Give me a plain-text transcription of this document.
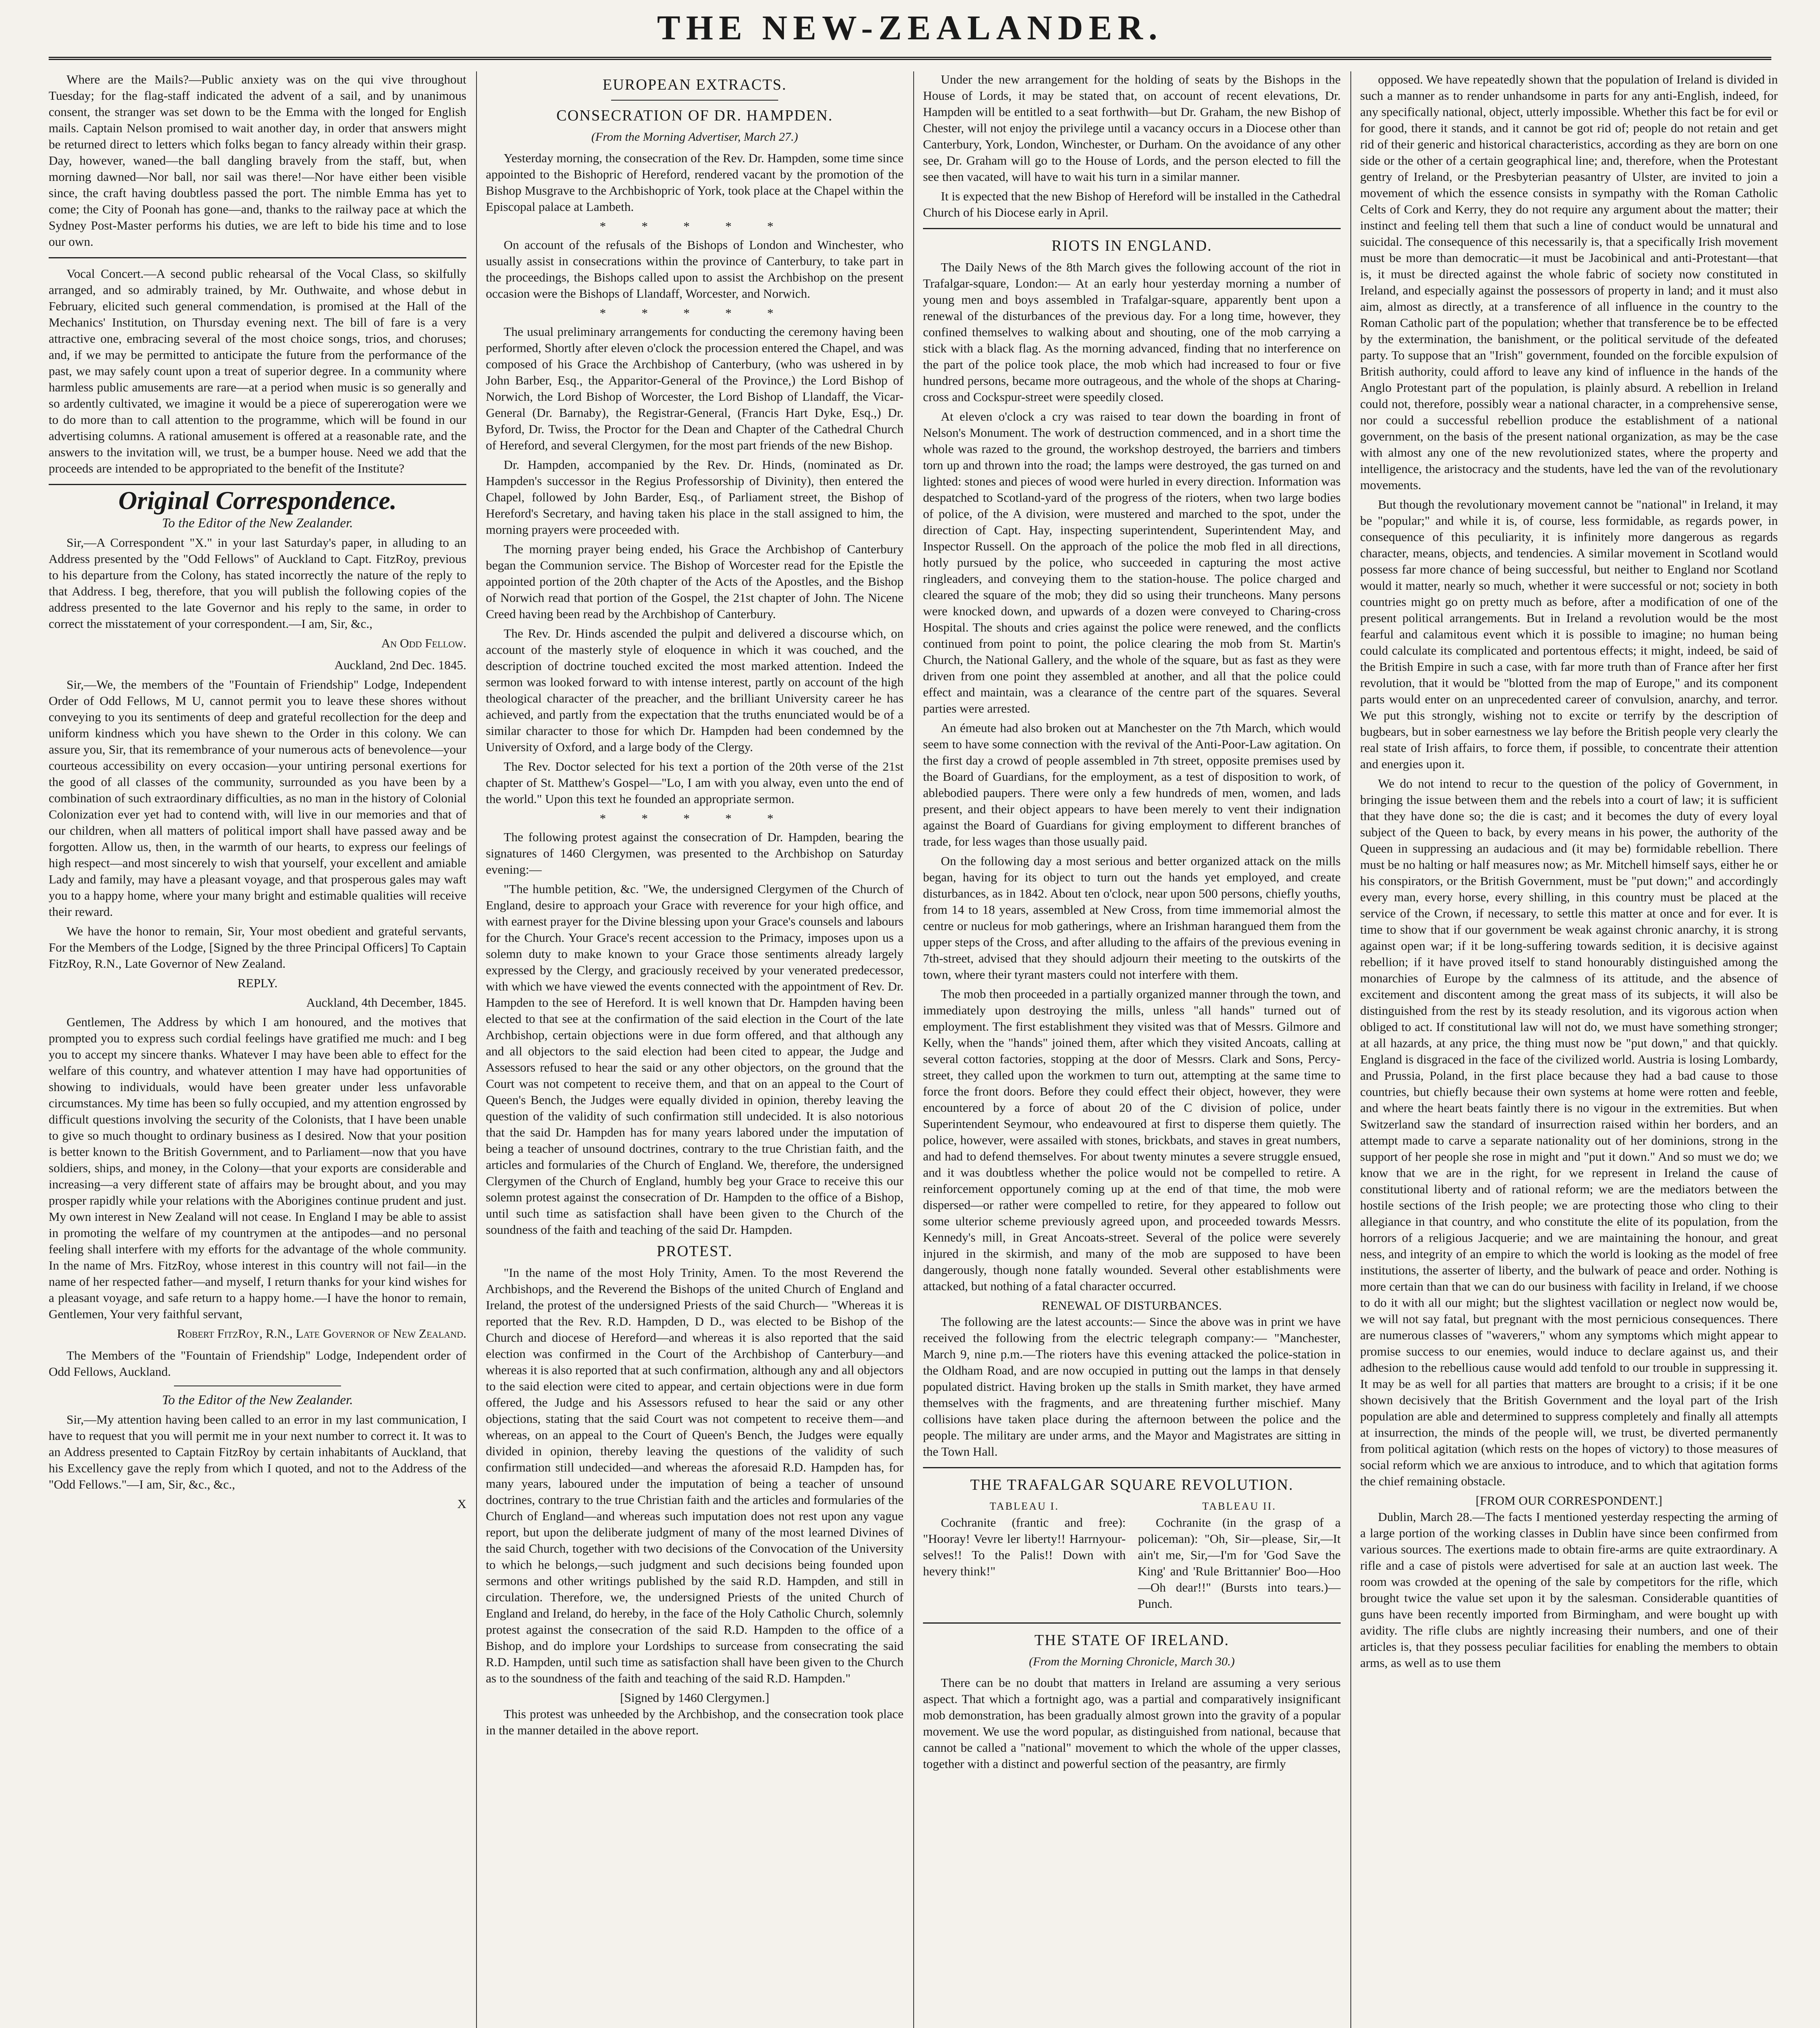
THE NEW-ZEALANDER.

Where are the Mails?—Public anxiety was on the qui vive throughout Tuesday; for the flag-staff indicated the advent of a sail, and by unanimous consent, the stranger was set down to be the Emma with the longed for English mails. Captain Nelson promised to wait another day, in order that answers might be returned direct to letters which folks began to fancy already within their grasp. Day, however, waned—the ball dangling bravely from the staff, but, when morning dawned—Nor ball, nor sail was there!—Nor have either been visible since, the craft having doubtless passed the port. The nimble Emma has yet to come; the City of Poonah has gone—and, thanks to the railway pace at which the Sydney Post-Master performs his duties, we are left to bide his time and to lose our own.

Vocal Concert.—A second public rehearsal of the Vocal Class, so skilfully arranged, and so admirably trained, by Mr. Outhwaite, and whose debut in February, elicited such general commendation, is promised at the Hall of the Mechanics' Institution, on Thursday evening next. The bill of fare is a very attractive one, embracing several of the most choice songs, trios, and choruses; and, if we may be permitted to anticipate the future from the performance of the past, we may safely count upon a treat of superior degree. In a community where harmless public amusements are rare—at a period when music is so generally and so ardently cultivated, we imagine it would be a piece of supererogation were we to do more than to call attention to the programme, which will be found in our advertising columns. A rational amusement is offered at a reasonable rate, and the answers to the invitation will, we trust, be a bumper house. Need we add that the proceeds are intended to be appropriated to the benefit of the Institute?

Original Correspondence.
To the Editor of the New Zealander.

Sir,—A Correspondent "X." in your last Saturday's paper, in alluding to an Address presented by the "Odd Fellows" of Auckland to Capt. FitzRoy, previous to his departure from the Colony, has stated incorrectly the nature of the reply to that Address. I beg, therefore, that you will publish the following copies of the address presented to the late Governor and his reply to the same, in order to correct the misstatement of your correspondent.—I am, Sir, &c.,

An Odd Fellow.
Auckland, 2nd Dec. 1845.

Sir,—We, the members of the "Fountain of Friendship" Lodge, Independent Order of Odd Fellows, M U, cannot permit you to leave these shores without conveying to you its sentiments of deep and grateful recollection for the deep and uniform kindness which you have shewn to the Order in this colony. We can assure you, Sir, that its remembrance of your numerous acts of benevolence—your courteous accessibility on every occasion—your untiring personal exertions for the good of all classes of the community, surrounded as you have been by a combination of such extraordinary difficulties, as no man in the history of Colonial Colonization ever yet had to contend with, will live in our memories and that of our children, when all matters of political import shall have passed away and be forgotten. Allow us, then, in the warmth of our hearts, to express our feelings of high respect—and most sincerely to wish that yourself, your excellent and amiable Lady and family, may have a pleasant voyage, and that prosperous gales may waft you to a happy home, where your many bright and estimable qualities will receive their reward.

We have the honor to remain, Sir, Your most obedient and grateful servants, For the Members of the Lodge, [Signed by the three Principal Officers] To Captain FitzRoy, R.N., Late Governor of New Zealand.

REPLY.
Auckland, 4th December, 1845.

Gentlemen, The Address by which I am honoured, and the motives that prompted you to express such cordial feelings have gratified me much: and I beg you to accept my sincere thanks. Whatever I may have been able to effect for the welfare of this country, and whatever attention I may have had opportunities of showing to individuals, would have been greater under less unfavorable circumstances. My time has been so fully occupied, and my attention engrossed by difficult questions involving the security of the Colonists, that I have been unable to give so much thought to ordinary business as I desired. Now that your position is better known to the British Government, and to Parliament—now that you have soldiers, ships, and money, in the Colony—that your exports are considerable and increasing—a very different state of affairs may be brought about, and you may prosper rapidly while your relations with the Aborigines continue prudent and just. My own interest in New Zealand will not cease. In England I may be able to assist in promoting the welfare of my countrymen at the antipodes—and no personal feeling shall interfere with my efforts for the advantage of the whole community. In the name of Mrs. FitzRoy, whose interest in this country will not fail—in the name of her respected father—and myself, I return thanks for your kind wishes for a pleasant voyage, and safe return to a happy home.—I have the honor to remain, Gentlemen, Your very faithful servant,

Robert FitzRoy, R.N., Late Governor of New Zealand.

The Members of the "Fountain of Friendship" Lodge, Independent order of Odd Fellows, Auckland.

To the Editor of the New Zealander.

Sir,—My attention having been called to an error in my last communication, I have to request that you will permit me in your next number to correct it. It was to an Address presented to Captain FitzRoy by certain inhabitants of Auckland, that his Excellency gave the reply from which I quoted, and not to the Address of the "Odd Fellows."—I am, Sir, &c., &c.,

X
EUROPEAN EXTRACTS.
CONSECRATION OF DR. HAMPDEN.
(From the Morning Advertiser, March 27.)

Yesterday morning, the consecration of the Rev. Dr. Hampden, some time since appointed to the Bishopric of Hereford, rendered vacant by the promotion of the Bishop Musgrave to the Archbishopric of York, took place at the Chapel within the Episcopal palace at Lambeth.

* * * * *

On account of the refusals of the Bishops of London and Winchester, who usually assist in consecrations within the province of Canterbury, to take part in the proceedings, the Bishops called upon to assist the Archbishop on the present occasion were the Bishops of Llandaff, Worcester, and Norwich.

* * * * *

The usual preliminary arrangements for conducting the ceremony having been performed, Shortly after eleven o'clock the procession entered the Chapel, and was composed of his Grace the Archbishop of Canterbury, (who was ushered in by John Barber, Esq., the Apparitor-General of the Province,) the Lord Bishop of Norwich, the Lord Bishop of Worcester, the Lord Bishop of Llandaff, the Vicar-General (Dr. Barnaby), the Registrar-General, (Francis Hart Dyke, Esq.,) Dr. Byford, Dr. Twiss, the Proctor for the Dean and Chapter of the Cathedral Church of Hereford, and several Clergymen, for the most part friends of the new Bishop.

Dr. Hampden, accompanied by the Rev. Dr. Hinds, (nominated as Dr. Hampden's successor in the Regius Professorship of Divinity), then entered the Chapel, followed by John Barder, Esq., of Parliament street, the Bishop of Hereford's Secretary, and having taken his place in the stall assigned to him, the morning prayers were proceeded with.

The morning prayer being ended, his Grace the Archbishop of Canterbury began the Communion service. The Bishop of Worcester read for the Epistle the appointed portion of the 20th chapter of the Acts of the Apostles, and the Bishop of Norwich read that portion of the Gospel, the 21st chapter of John. The Nicene Creed having been read by the Archbishop of Canterbury.

The Rev. Dr. Hinds ascended the pulpit and delivered a discourse which, on account of the masterly style of eloquence in which it was couched, and the description of doctrine touched excited the most marked attention. Indeed the sermon was looked forward to with intense interest, partly on account of the high theological character of the preacher, and the brilliant University career he has achieved, and partly from the expectation that the truths enunciated would be of a similar character to those for which Dr. Hampden had been condemned by the University of Oxford, and a large body of the Clergy.

The Rev. Doctor selected for his text a portion of the 20th verse of the 21st chapter of St. Matthew's Gospel—"Lo, I am with you alway, even unto the end of the world." Upon this text he founded an appropriate sermon.

* * * * *

The following protest against the consecration of Dr. Hampden, bearing the signatures of 1460 Clergymen, was presented to the Archbishop on Saturday evening:—

"The humble petition, &c. "We, the undersigned Clergymen of the Church of England, desire to approach your Grace with reverence for your high office, and with earnest prayer for the Divine blessing upon your Grace's counsels and labours for the Church. Your Grace's recent accession to the Primacy, imposes upon us a solemn duty to make known to your Grace those sentiments already largely expressed by the Clergy, and graciously received by your venerated predecessor, with which we have viewed the events connected with the appointment of Rev. Dr. Hampden to the see of Hereford. It is well known that Dr. Hampden having been elected to that see at the confirmation of the said election in the Court of the late Archbishop, certain objections were in due form offered, and that although any and all objectors to the said election had been cited to appear, the Judge and Assessors refused to hear the said or any other objectors, on the ground that the Court was not competent to receive them, and that on an appeal to the Court of Queen's Bench, the Judges were equally divided in opinion, thereby leaving the question of the validity of such confirmation still undecided. It is also notorious that the said Dr. Hampden has for many years labored under the imputation of being a teacher of unsound doctrines, contrary to the true Christian faith, and the articles and formularies of the Church of England. We, therefore, the undersigned Clergymen of the Church of England, humbly beg your Grace to receive this our solemn protest against the consecration of Dr. Hampden to the office of a Bishop, until such time as satisfaction shall have been given to the Church of the soundness of the faith and teaching of the said Dr. Hampden.

PROTEST.

"In the name of the most Holy Trinity, Amen. To the most Reverend the Archbishops, and the Reverend the Bishops of the united Church of England and Ireland, the protest of the undersigned Priests of the said Church— "Whereas it is reported that the Rev. R.D. Hampden, D D., was elected to be Bishop of the Church and diocese of Hereford—and whereas it is also reported that the said election was confirmed in the Court of the Archbishop of Canterbury—and whereas it is also reported that at such confirmation, although any and all objectors to the said election were cited to appear, and certain objections were in due form offered, the Judge and his Assessors refused to hear the said or any other objections, stating that the said Court was not competent to receive them—and whereas, on an appeal to the Court of Queen's Bench, the Judges were equally divided in opinion, thereby leaving the questions of the validity of such confirmation still undecided—and whereas the aforesaid R.D. Hampden has, for many years, laboured under the imputation of being a teacher of unsound doctrines, contrary to the true Christian faith and the articles and formularies of the Church of England—and whereas such imputation does not rest upon any vague report, but upon the deliberate judgment of many of the most learned Divines of the said Church, together with two decisions of the Convocation of the University to which he belongs,—such judgment and such decisions being founded upon sermons and other writings published by the said R.D. Hampden, and still in circulation. Therefore, we, the undersigned Priests of the united Church of England and Ireland, do hereby, in the face of the Holy Catholic Church, solemnly protest against the consecration of the said R.D. Hampden to the office of a Bishop, and do implore your Lordships to surcease from consecrating the said R.D. Hampden, until such time as satisfaction shall have been given to the Church as to the soundness of the faith and teaching of the said R.D. Hampden."

[Signed by 1460 Clergymen.]

This protest was unheeded by the Archbishop, and the consecration took place in the manner detailed in the above report.

Under the new arrangement for the holding of seats by the Bishops in the House of Lords, it may be stated that, on account of recent elevations, Dr. Hampden will be entitled to a seat forthwith—but Dr. Graham, the new Bishop of Chester, will not enjoy the privilege until a vacancy occurs in a Diocese other than Canterbury, York, London, Winchester, or Durham. On the avoidance of any other see, Dr. Graham will go to the House of Lords, and the person elected to fill the see then vacated, will have to wait his turn in a similar manner.

It is expected that the new Bishop of Hereford will be installed in the Cathedral Church of his Diocese early in April.

RIOTS IN ENGLAND.

The Daily News of the 8th March gives the following account of the riot in Trafalgar-square, London:— At an early hour yesterday morning a number of young men and boys assembled in Trafalgar-square, apparently bent upon a renewal of the disturbances of the previous day. For a long time, however, they confined themselves to walking about and shouting, one of the mob carrying a stick with a black flag. As the morning advanced, finding that no interference on the part of the police took place, the mob which had increased to four or five hundred persons, became more outrageous, and the whole of the shops at Charing-cross and Cockspur-street were speedily closed.

At eleven o'clock a cry was raised to tear down the boarding in front of Nelson's Monument. The work of destruction commenced, and in a short time the whole was razed to the ground, the workshop destroyed, the barriers and timbers torn up and thrown into the road; the lamps were destroyed, the gas turned on and lighted: stones and pieces of wood were hurled in every direction. Information was despatched to Scotland-yard of the progress of the rioters, when two large bodies of police, of the A division, were mustered and marched to the spot, under the direction of Capt. Hay, inspecting superintendent, Superintendent May, and Inspector Russell. On the approach of the police the mob fled in all directions, hotly pursued by the police, who succeeded in capturing the most active ringleaders, and conveying them to the station-house. The police charged and cleared the square of the mob; they did so using their truncheons. Many persons were knocked down, and upwards of a dozen were conveyed to Charing-cross Hospital. The shouts and cries against the police were renewed, and the conflicts continued from point to point, the police clearing the mob from St. Martin's Church, the National Gallery, and the whole of the square, but as fast as they were driven from one point they assembled at another, and all that the police could effect and maintain, was a clearance of the centre part of the squares. Several parties were arrested.

An émeute had also broken out at Manchester on the 7th March, which would seem to have some connection with the revival of the Anti-Poor-Law agitation. On the first day a crowd of people assembled in 7th street, opposite premises used by the Board of Guardians, for the employment, as a test of disposition to work, of ablebodied paupers. There were only a few hundreds of men, women, and lads present, and their object appears to have been merely to vent their indignation against the Board of Guardians for giving employment to different branches of trade, for less wages than those usually paid.

On the following day a most serious and better organized attack on the mills began, having for its object to turn out the hands yet employed, and create disturbances, as in 1842. About ten o'clock, near upon 500 persons, chiefly youths, from 14 to 18 years, assembled at New Cross, from time immemorial almost the centre or nucleus for mob gatherings, where an Irishman harangued them from the upper steps of the Cross, and after alluding to the affairs of the previous evening in 7th-street, advised that they should adjourn their meeting to the outskirts of the town, where their tyrant masters could not interfere with them.

The mob then proceeded in a partially organized manner through the town, and immediately upon destroying the mills, unless "all hands" turned out of employment. The first establishment they visited was that of Messrs. Gilmore and Kelly, when the "hands" joined them, after which they visited Ancoats, calling at several cotton factories, stopping at the door of Messrs. Clark and Sons, Percy-street, they called upon the workmen to turn out, attempting at the same time to force the front doors. Before they could effect their object, however, they were encountered by a force of about 20 of the C division of police, under Superintendent Seymour, who endeavoured at first to disperse them quietly. The police, however, were assailed with stones, brickbats, and staves in great numbers, and had to defend themselves. For about twenty minutes a severe struggle ensued, and it was doubtless whether the police would not be compelled to retire. A reinforcement opportunely coming up at the end of that time, the mob were dispersed—or rather were compelled to retire, for they appeared to follow out some ulterior scheme previously agreed upon, and proceeded towards Messrs. Kennedy's mill, in Great Ancoats-street. Several of the police were severely injured in the skirmish, and many of the mob are supposed to have been dangerously, though none fatally wounded. Several other establishments were attacked, but nothing of a fatal character occurred.

RENEWAL OF DISTURBANCES.

The following are the latest accounts:— Since the above was in print we have received the following from the electric telegraph company:— "Manchester, March 9, nine p.m.—The rioters have this evening attacked the police-station in the Oldham Road, and are now occupied in putting out the lamps in that densely populated district. Having broken up the stalls in Smith market, they have armed themselves with the fragments, and are threatening further mischief. Many collisions have taken place during the afternoon between the police and the people. The military are under arms, and the Mayor and Magistrates are sitting in the Town Hall.

THE TRAFALGAR SQUARE REVOLUTION.
TABLEAU I.

Cochranite (frantic and free): "Hooray! Vevre ler liberty!! Harrnyour-selves!! To the Palis!! Down with hevery think!"

TABLEAU II.

Cochranite (in the grasp of a policeman): "Oh, Sir—please, Sir,—It ain't me, Sir,—I'm for 'God Save the King' and 'Rule Brittannier' Boo—Hoo—Oh dear!!" (Bursts into tears.)—Punch.

THE STATE OF IRELAND.
(From the Morning Chronicle, March 30.)

There can be no doubt that matters in Ireland are assuming a very serious aspect. That which a fortnight ago, was a partial and comparatively insignificant mob demonstration, has been gradually almost grown into the gravity of a popular movement. We use the word popular, as distinguished from national, because that cannot be called a "national" movement to which the whole of the upper classes, together with a distinct and powerful section of the peasantry, are firmly

opposed. We have repeatedly shown that the population of Ireland is divided in such a manner as to render unhandsome in parts for any anti-English, indeed, for any specifically national, object, utterly impossible. Whether this fact be for evil or for good, there it stands, and it cannot be got rid of; people do not retain and get rid of their generic and historical characteristics, according as they are born on one side or the other of a certain geographical line; and, therefore, when the Protestant gentry of Ireland, or the Presbyterian peasantry of Ulster, are invited to join a movement of which the essence consists in sympathy with the Roman Catholic Celts of Cork and Kerry, they do not require any argument about the matter; their instinct and feeling tell them that such a line of conduct would be unnatural and suicidal. The consequence of this necessarily is, that a specifically Irish movement must be more than democratic—it must be Jacobinical and anti-Protestant—that is, it must be directed against the whole fabric of society now constituted in Ireland, and especially against the possessors of property in land; and it must also aim, almost as directly, at a transference of all influence in the country to the Roman Catholic part of the population; whether that transference be to be effected by the extermination, the banishment, or the political servitude of the defeated party. To suppose that an "Irish" government, founded on the forcible expulsion of British authority, could afford to leave any kind of influence in the hands of the Anglo Protestant part of the population, is plainly absurd. A rebellion in Ireland could not, therefore, possibly wear a national character, in a comprehensive sense, nor could a successful rebellion produce the establishment of a national government, on the basis of the present national organization, as may be the case with almost any one of the new revolutionized states, where the property and intelligence, the aristocracy and the students, have led the van of the revolutionary movements.

But though the revolutionary movement cannot be "national" in Ireland, it may be "popular;" and while it is, of course, less formidable, as regards power, in consequence of this peculiarity, it is infinitely more dangerous as regards character, means, objects, and tendencies. A similar movement in Scotland would possess far more chance of being successful, but neither to England nor Scotland would it matter, nearly so much, whether it were successful or not; society in both countries might go on pretty much as before, after a modification of one of the present political arrangements. But in Ireland a revolution would be the most fearful and calamitous event which it is possible to imagine; no human being could calculate its complicated and portentous effects; it might, indeed, be said of the British Empire in such a case, with far more truth than of France after her first revolution, that it would be "blotted from the map of Europe," and its component parts would enter on an unprecedented career of convulsion, anarchy, and terror. We put this strongly, wishing not to excite or terrify by the description of bugbears, but in sober earnestness we lay before the British people very clearly the real state of Irish affairs, to force them, if possible, to concentrate their attention and energies upon it.

We do not intend to recur to the question of the policy of Government, in bringing the issue between them and the rebels into a court of law; it is sufficient that they have done so; the die is cast; and it becomes the duty of every loyal subject of the Queen to back, by every means in his power, the authority of the Queen in suppressing an audacious and (it may be) formidable rebellion. There must be no halting or half measures now; as Mr. Mitchell himself says, either he or his conspirators, or the British Government, must be "put down;" and accordingly every man, every horse, every shilling, in this country must be placed at the service of the Crown, if necessary, to settle this matter at once and for ever. It is time to show that if our government be weak against chronic anarchy, it is strong against open war; if it be long-suffering towards sedition, it is decisive against rebellion; if it have proved itself to stand honourably distinguished among the monarchies of Europe by the calmness of its attitude, and the absence of excitement and discontent among the great mass of its subjects, it will also be distinguished from the rest by its steady resolution, and its vigorous action when obliged to act. If constitutional law will not do, we must have something stronger; at all hazards, at any price, the thing must now be "put down," and that quickly. England is disgraced in the face of the civilized world. Austria is losing Lombardy, and Prussia, Poland, in the first place because they had a bad cause to those countries, but chiefly because their own systems at home were rotten and feeble, and where the heart beats faintly there is no vigour in the extremities. But when Switzerland saw the standard of insurrection raised within her borders, and an attempt made to carve a separate nationality out of her dominions, strong in the support of her people she rose in might and "put it down." And so must we do; we know that we are in the right, for we represent in Ireland the cause of constitutional liberty and of rational reform; we are the mediators between the hostile sections of the Irish people; we are protecting those who cling to their allegiance in that country, and who constitute the elite of its population, from the horrors of a religious Jacquerie; and we are maintaining the honour, and great ness, and integrity of an empire to which the world is looking as the model of free institutions, the asserter of liberty, and the bulwark of peace and order. Nothing is more certain than that we can do our business with facility in Ireland, if we choose to do it with all our might; but the slightest vacillation or neglect now would be, we will not say fatal, but pregnant with the most pernicious consequences. There are numerous classes of "waverers," whom any symptoms which might appear to promise success to our enemies, would induce to declare against us, and their adhesion to the rebellious cause would add tenfold to our trouble in suppressing it. It may be as well for all parties that matters are brought to a crisis; if it be one shown decisively that the British Government and the loyal part of the Irish population are able and determined to suppress completely and finally all attempts at insurrection, the minds of the people will, we trust, be diverted permanently from political agitation (which rests on the hopes of victory) to those measures of social reform which we are anxious to introduce, and to which that agitation forms the chief remaining obstacle.

[FROM OUR CORRESPONDENT.]

Dublin, March 28.—The facts I mentioned yesterday respecting the arming of a large portion of the working classes in Dublin have since been confirmed from various sources. The exertions made to obtain fire-arms are quite extraordinary. A rifle and a case of pistols were advertised for sale at an auction last week. The room was crowded at the opening of the sale by competitors for the rifle, which brought twice the value set upon it by the salesman. Considerable quantities of guns have been recently imported from Birmingham, and were bought up with avidity. The rifle clubs are nightly increasing their numbers, and one of their articles is, that they possess peculiar facilities for enabling the members to obtain arms, as well as to use them
